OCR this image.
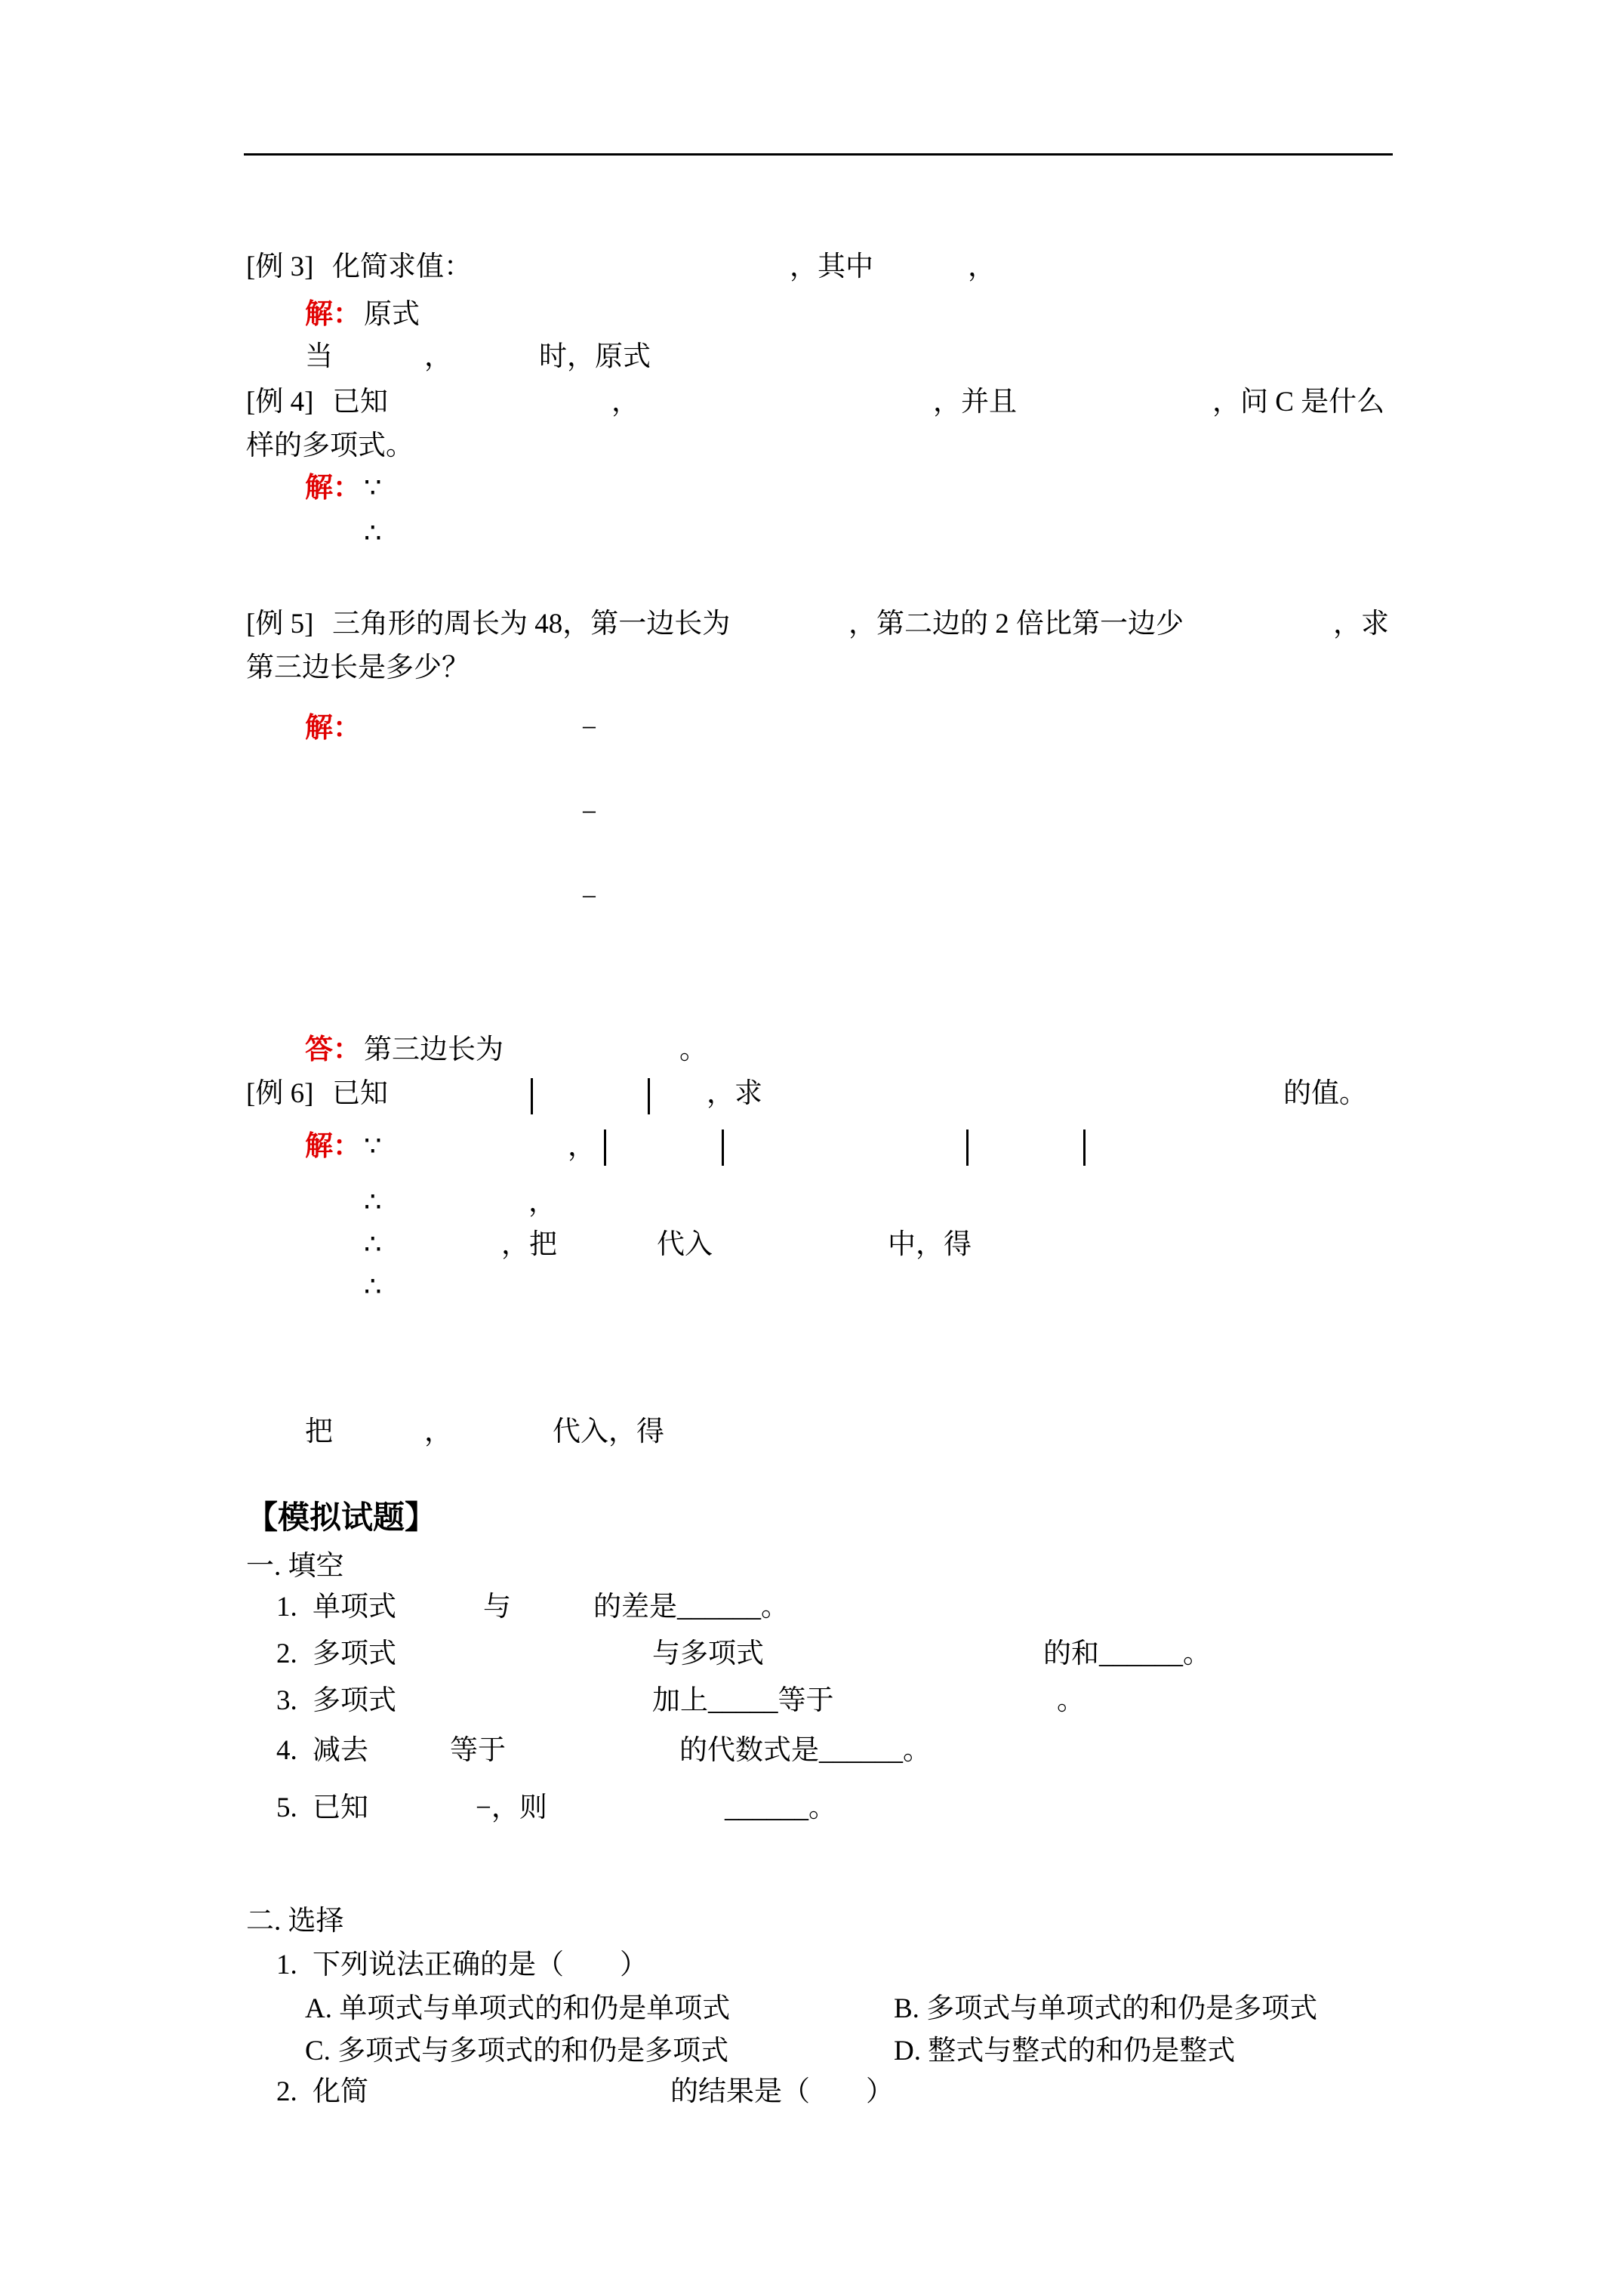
[例 3] 化简求值：	，其中	，
解： 原式
当	，	时，原式
[例 4] 已知	，	，并且	，问 C 是什么
样的多项式。
解： ∵
∴
[例 5] 三角形的周长为 48，第一边长为	，第二边的 2 倍比第一边少	，求
第三边长是多少？
解：	−
−
−
答： 第三边长为	。
[例 6] 已知	，求	的值。
解： ∵	，
∴	，
∴	，把	代入	中，得
∴
把	，	代入，得
【模拟试题】
一. 填空
1. 单项式	与	的差是______。
2. 多项式	与多项式	的和______。
3. 多项式	加上_____等于	。
4. 减去	等于	的代数式是______。
5. 已知	−，则	______。
二. 选择
1. 下列说法正确的是（　　）
A. 单项式与单项式的和仍是单项式	B. 多项式与单项式的和仍是多项式
C. 多项式与多项式的和仍是多项式	D. 整式与整式的和仍是整式
2. 化简	的结果是（　　）
